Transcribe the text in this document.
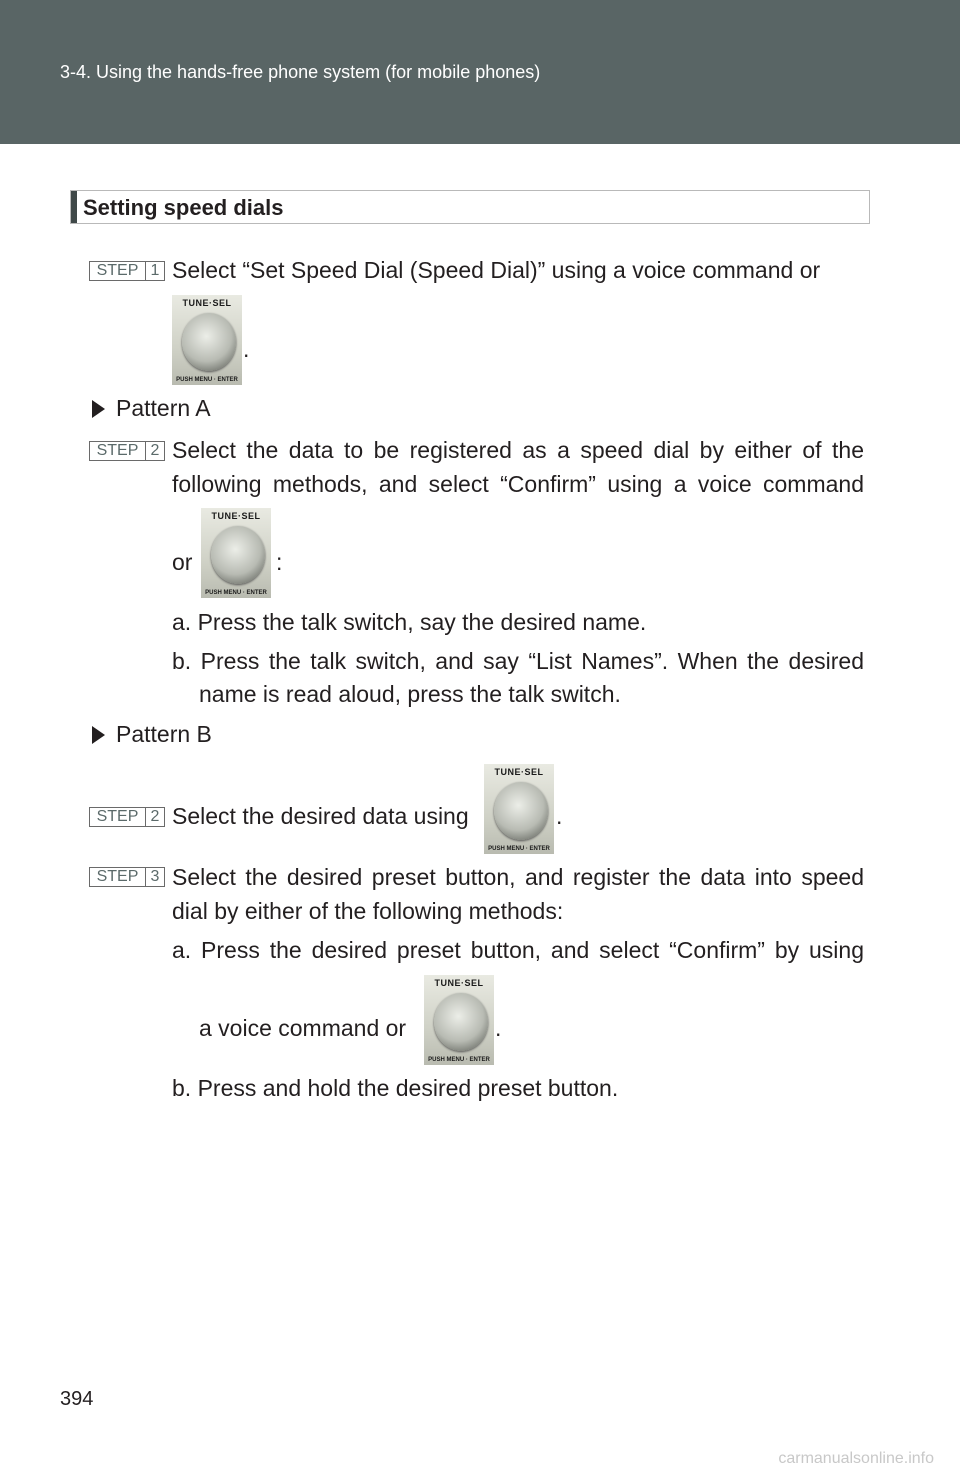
3-4. Using the hands-free phone system (for mobile phones)
Setting speed dials
STEP 1 Select “Set Speed Dial (Speed Dial)” using a voice command or
TUNE·SEL
PUSH MENU · ENTER
.
Pattern A
STEP 2 Select the data to be registered as a speed dial by either of the
following methods, and select “Confirm” using a voice command
or
TUNE·SEL
PUSH MENU · ENTER
:
a. Press the talk switch, say the desired name.
b. Press the talk switch, and say “List Names”. When the desired
name is read aloud, press the talk switch.
Pattern B
STEP 2 Select the desired data using
TUNE·SEL
PUSH MENU · ENTER
.
STEP 3 Select the desired preset button, and register the data into speed
dial by either of the following methods:
a. Press the desired preset button, and select “Confirm” by using
a voice command or
TUNE·SEL
PUSH MENU · ENTER
.
b. Press and hold the desired preset button.
394
carmanualsonline.info
